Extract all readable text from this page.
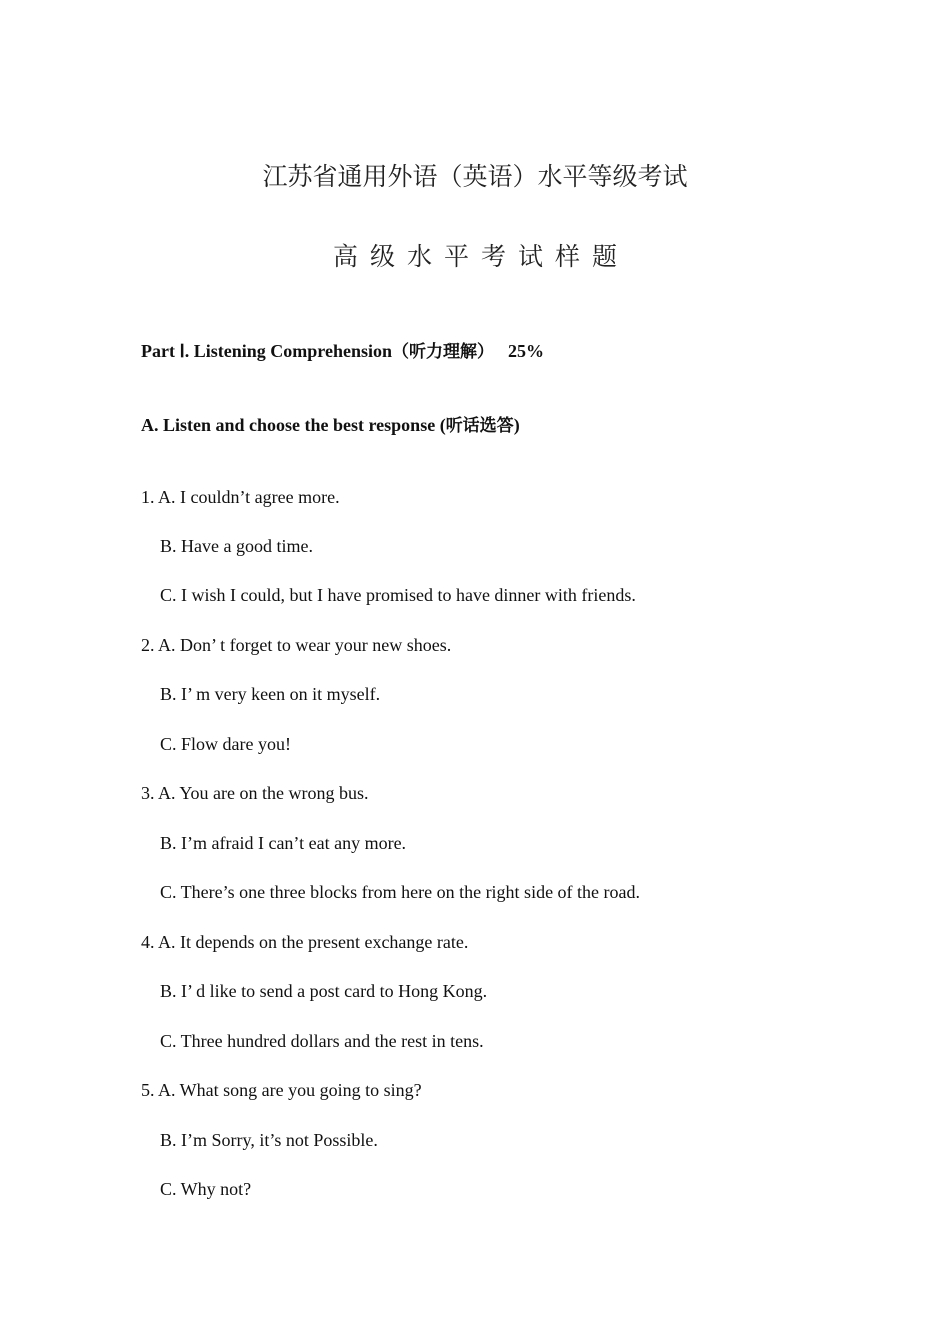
江苏省通用外语（英语）水平等级考试
高级水平考试样题
Part Ⅰ. Listening Comprehension（听力理解） 25%
A. Listen and choose the best response (听话选答)
1. A. I couldn’t agree more.
B. Have a good time.
C. I wish I could, but I have promised to have dinner with friends.
2. A. Don’ t forget to wear your new shoes.
B. I’ m very keen on it myself.
C. Flow dare you!
3. A. You are on the wrong bus.
B. I’m afraid I can’t eat any more.
C. There’s one three blocks from here on the right side of the road.
4. A. It depends on the present exchange rate.
B. I’ d like to send a post card to Hong Kong.
C. Three hundred dollars and the rest in tens.
5. A. What song are you going to sing?
B. I’m Sorry, it’s not Possible.
C. Why not?
